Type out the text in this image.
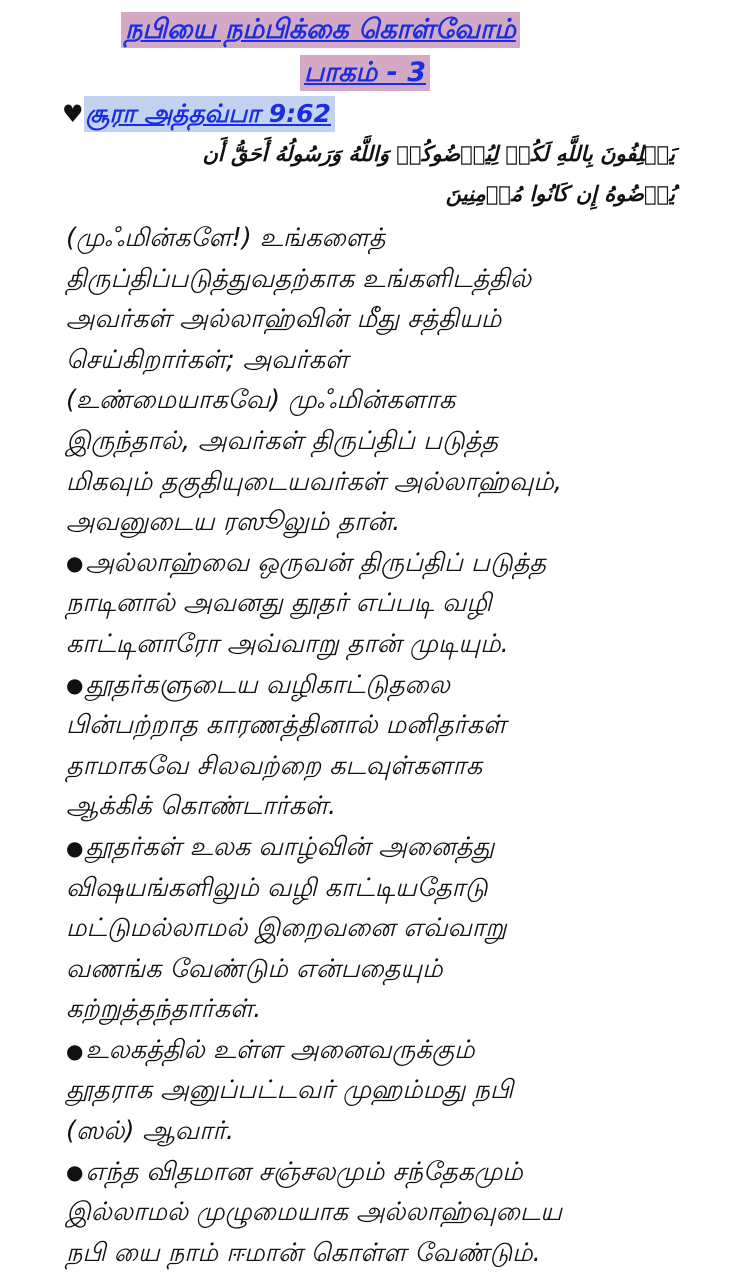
நபியை நம்பிக்கை கொள்வோம்
பாகம் - 3
♥சூரா அத்தவ்பா 9:62
يَحۡلِفُونَ بِاللَّهِ لَكُمۡ لِيُرۡضُوكُمۡ وَاللَّهُ وَرَسُولُهُ أَحَقُّ أَن
يُرۡضُوهُ إِن كَانُوا مُؤۡمِنِينَ
(முஃமின்களே!) உங்களைத்
திருப்திப்படுத்துவதற்காக உங்களிடத்தில்
அவர்கள் அல்லாஹ்வின் மீது சத்தியம்
செய்கிறார்கள்; அவர்கள்
(உண்மையாகவே) முஃமின்களாக
இருந்தால், அவர்கள் திருப்திப் படுத்த
மிகவும் தகுதியுடையவர்கள் அல்லாஹ்வும்,
அவனுடைய ரஸூலும் தான்.
●அல்லாஹ்வை ஒருவன் திருப்திப் படுத்த
நாடினால் அவனது தூதர் எப்படி வழி
காட்டினாரோ அவ்வாறு தான் முடியும்.
●தூதர்களுடைய வழிகாட்டுதலை
பின்பற்றாத காரணத்தினால் மனிதர்கள்
தாமாகவே சிலவற்றை கடவுள்களாக
ஆக்கிக் கொண்டார்கள்.
●தூதர்கள் உலக வாழ்வின் அனைத்து
விஷயங்களிலும் வழி காட்டியதோடு
மட்டுமல்லாமல் இறைவனை எவ்வாறு
வணங்க வேண்டும் என்பதையும்
கற்றுத்தந்தார்கள்.
●உலகத்தில் உள்ள அனைவருக்கும்
தூதராக அனுப்பட்டவர் முஹம்மது நபி
(ஸல்) ஆவார்.
●எந்த விதமான சஞ்சலமும் சந்தேகமும்
இல்லாமல் முழுமையாக அல்லாஹ்வுடைய
நபி யை நாம் ஈமான் கொள்ள வேண்டும்.
